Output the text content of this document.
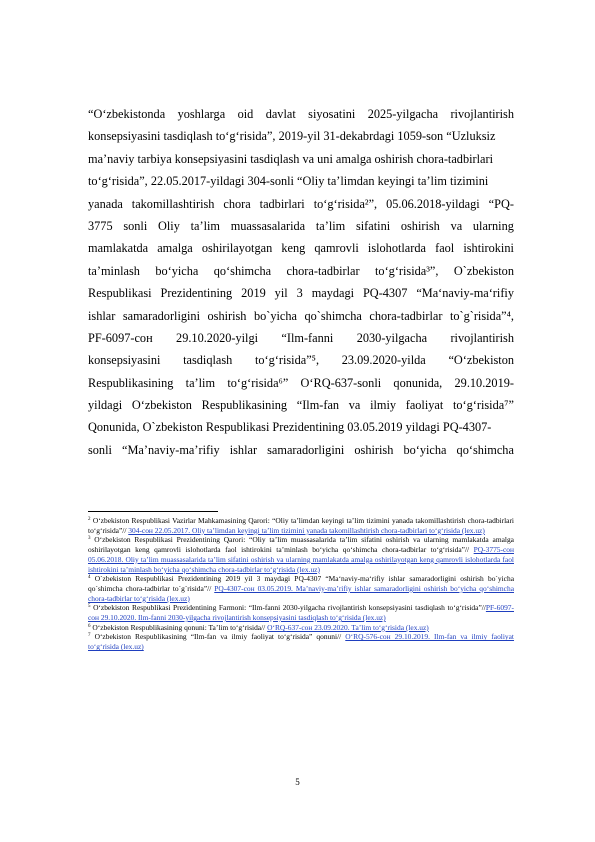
“O‘zbekistonda yoshlarga oid davlat siyosatini 2025-yilgacha rivojlantirish
konsepsiyasini tasdiqlash to‘g‘risida”, 2019-yil 31-dekabrdagi 1059-son “Uzluksiz
ma’naviy tarbiya konsepsiyasini tasdiqlash va uni amalga oshirish chora-tadbirlari
to‘g‘risida”, 22.05.2017-yildagi 304-sonli “Oliy ta’limdan keyingi ta’lim tizimini
yanada takomillashtirish chora tadbirlari to‘g‘risida²”, 05.06.2018-yildagi “PQ-
3775 sonli Oliy ta’lim muassasalarida ta’lim sifatini oshirish va ularning
mamlakatda amalga oshirilayotgan keng qamrovli islohotlarda faol ishtirokini
ta’minlash bo‘yicha qo‘shimcha chora-tadbirlar to‘g‘risida³”, O`zbekiston
Respublikasi Prezidentining 2019 yil 3 maydagi PQ-4307 “Ma‘naviy-ma‘rifiy
ishlar samaradorligini oshirish bo`yicha qo`shimcha chora-tadbirlar to`g`risida”⁴,
PF-6097-сон 29.10.2020-yilgi “Ilm-fanni 2030-yilgacha rivojlantirish
konsepsiyasini tasdiqlash to‘g‘risida”⁵, 23.09.2020-yilda “O‘zbekiston
Respublikasining ta’lim to‘g‘risida⁶” O‘RQ-637-sonli qonunida, 29.10.2019-
yildagi O‘zbekiston Respublikasining “Ilm-fan va ilmiy faoliyat to‘g‘risida⁷”
Qonunida, O`zbekiston Respublikasi Prezidentining 03.05.2019 yildagi PQ-4307-
sonli “Ma’naviy-ma’rifiy ishlar samaradorligini oshirish bo‘yicha qo‘shimcha
$^2$ O‘zbekiston Respublikasi Vazirlar Mahkamasining Qarori: “Oliy ta’limdan keyingi ta’lim tizimini yanada takomillashtirish chora-tadbirlari to‘g‘risida”// 304-сон 22.05.2017. Oliy ta’limdan keyingi ta’lim tizimini yanada takomillashtirish chora-tadbirlari to‘g‘risida (lex.uz)
$^3$ O‘zbekiston Respublikasi Prezidentining Qarori: “Oliy ta’lim muassasalarida ta’lim sifatini oshirish va ularning mamlakatda amalga oshirilayotgan keng qamrovli islohotlarda faol ishtirokini ta’minlash bo‘yicha qo‘shimcha chora-tadbirlar to‘g‘risida”// PQ-3775-сон 05.06.2018. Oliy ta’lim muassasalarida ta’lim sifatini oshirish va ularning mamlakatda amalga oshirilayotgan keng qamrovli islohotlarda faol ishtirokini ta’minlash bo‘yicha qo‘shimcha chora-tadbirlar to‘g‘risida (lex.uz)
$^4$ O`zbekiston Respublikasi Prezidentining 2019 yil 3 maydagi PQ-4307 “Ma‘naviy-ma‘rifiy ishlar samaradorligini oshirish bo`yicha qo`shimcha chora-tadbirlar to`g`risida”// PQ-4307-сон 03.05.2019. Ma’naviy-ma’rifiy ishlar samaradorligini oshirish bo‘yicha qo‘shimcha chora-tadbirlar to‘g‘risida (lex.uz)
$^5$ O‘zbekiston Respublikasi Prezidentining Farmoni: “Ilm-fanni 2030-yilgacha rivojlantirish konsepsiyasini tasdiqlash to‘g‘risida”//PF-6097-сон 29.10.2020. Ilm-fanni 2030-yilgacha rivojlantirish konsepsiyasini tasdiqlash to‘g‘risida (lex.uz)
$^6$ O‘zbekiston Respublikasining qonuni: Ta’lim to‘g‘risida// O‘RQ-637-сон 23.09.2020. Ta’lim to‘g‘risida (lex.uz)
$^7$ O‘zbekiston Respublikasining “Ilm-fan va ilmiy faoliyat to‘g‘risida” qonuni// O‘RQ-576-сон 29.10.2019. Ilm-fan va ilmiy faoliyat to‘g‘risida (lex.uz)
5
